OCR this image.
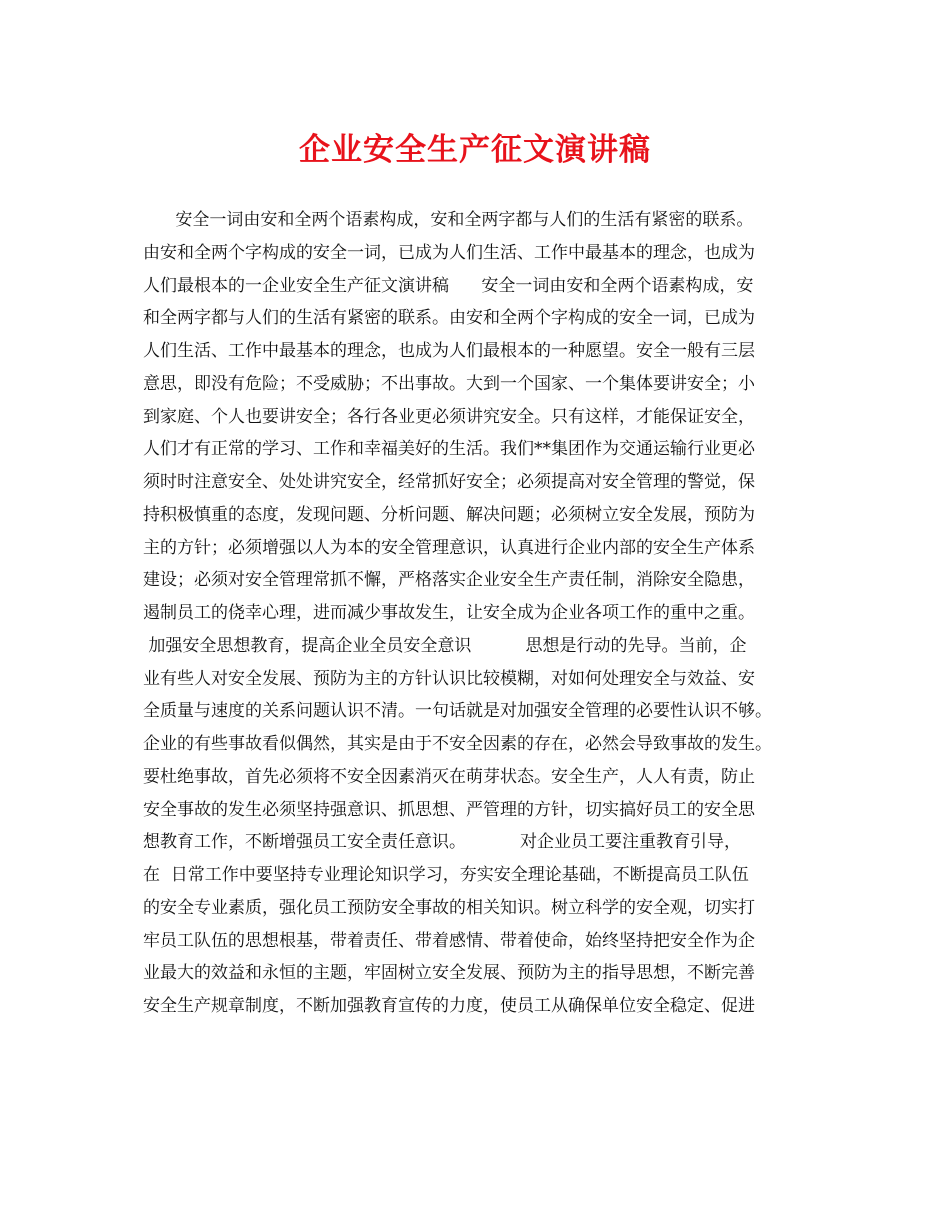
企业安全生产征文演讲稿
安全一词由安和全两个语素构成，安和全两字都与人们的生活有紧密的联系。
由安和全两个字构成的安全一词，已成为人们生活、工作中最基本的理念，也成为
人们最根本的一企业安全生产征文演讲稿      安全一词由安和全两个语素构成，安
和全两字都与人们的生活有紧密的联系。由安和全两个字构成的安全一词，已成为
人们生活、工作中最基本的理念，也成为人们最根本的一种愿望。安全一般有三层
意思，即没有危险；不受威胁；不出事故。大到一个国家、一个集体要讲安全；小
到家庭、个人也要讲安全；各行各业更必须讲究安全。只有这样，才能保证安全，
人们才有正常的学习、工作和幸福美好的生活。我们**集团作为交通运输行业更必
须时时注意安全、处处讲究安全，经常抓好安全；必须提高对安全管理的警觉，保
持积极慎重的态度，发现问题、分析问题、解决问题；必须树立安全发展，预防为
主的方针；必须增强以人为本的安全管理意识，认真进行企业内部的安全生产体系
建设；必须对安全管理常抓不懈，严格落实企业安全生产责任制，消除安全隐患，
遏制员工的侥幸心理，进而减少事故发生，让安全成为企业各项工作的重中之重。
加强安全思想教育，提高企业全员安全意识          思想是行动的先导。当前，企
业有些人对安全发展、预防为主的方针认识比较模糊，对如何处理安全与效益、安
全质量与速度的关系问题认识不清。一句话就是对加强安全管理的必要性认识不够。
企业的有些事故看似偶然，其实是由于不安全因素的存在，必然会导致事故的发生。
要杜绝事故，首先必须将不安全因素消灭在萌芽状态。安全生产，人人有责，防止
安全事故的发生必须坚持强意识、抓思想、严管理的方针，切实搞好员工的安全思
想教育工作，不断增强员工安全责任意识。          对企业员工要注重教育引导，
在  日常工作中要坚持专业理论知识学习，夯实安全理论基础，不断提高员工队伍
的安全专业素质，强化员工预防安全事故的相关知识。树立科学的安全观，切实打
牢员工队伍的思想根基，带着责任、带着感情、带着使命，始终坚持把安全作为企
业最大的效益和永恒的主题，牢固树立安全发展、预防为主的指导思想，不断完善
安全生产规章制度，不断加强教育宣传的力度，使员工从确保单位安全稳定、促进
